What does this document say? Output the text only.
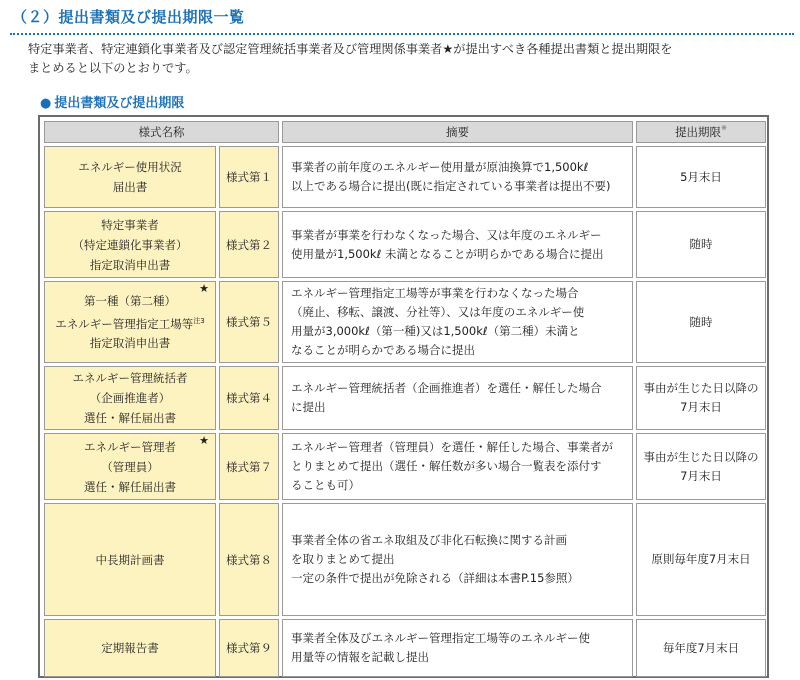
（２）提出書類及び提出期限一覧
特定事業者、特定連鎖化事業者及び認定管理統括事業者及び管理関係事業者★が提出すべき各種提出書類と提出期限を
まとめると以下のとおりです。
● 提出書類及び提出期限
様式名称		摘要	提出期限※

エネルギー使用状況
届出書	様式第１	事業者の前年度のエネルギー使用量が原油換算で1,500kℓ
以上である場合に提出(既に指定されている事業者は提出不要)	5月末日

特定事業者
（特定連鎖化事業者）
指定取消申出書	様式第２	事業者が事業を行わなくなった場合、又は年度のエネルギー
使用量が1,500kℓ 未満となることが明らかである場合に提出	随時

★
第一種（第二種）
エネルギー管理指定工場等$^{注3}$
指定取消申出書	様式第５	エネルギー管理指定工場等が事業を行わなくなった場合
（廃止、移転、譲渡、分社等）、又は年度のエネルギー使
用量が3,000kℓ（第一種)又は1,500kℓ（第二種）未満と
なることが明らかである場合に提出	随時

エネルギー管理統括者
（企画推進者）
選任・解任届出書	様式第４	エネルギー管理統括者（企画推進者）を選任・解任した場合
に提出	事由が生じた日以降の
7月末日

★
エネルギー管理者
（管理員）
選任・解任届出書	様式第７	エネルギー管理者（管理員）を選任・解任した場合、事業者が
とりまとめて提出（選任・解任数が多い場合一覧表を添付す
ることも可）	事由が生じた日以降の
7月末日

中長期計画書	様式第８	事業者全体の省エネ取組及び非化石転換に関する計画
を取りまとめて提出
一定の条件で提出が免除される（詳細は本書P.15参照）	原則毎年度7月末日

定期報告書	様式第９	事業者全体及びエネルギー管理指定工場等のエネルギー使
用量等の情報を記載し提出	毎年度7月末日
